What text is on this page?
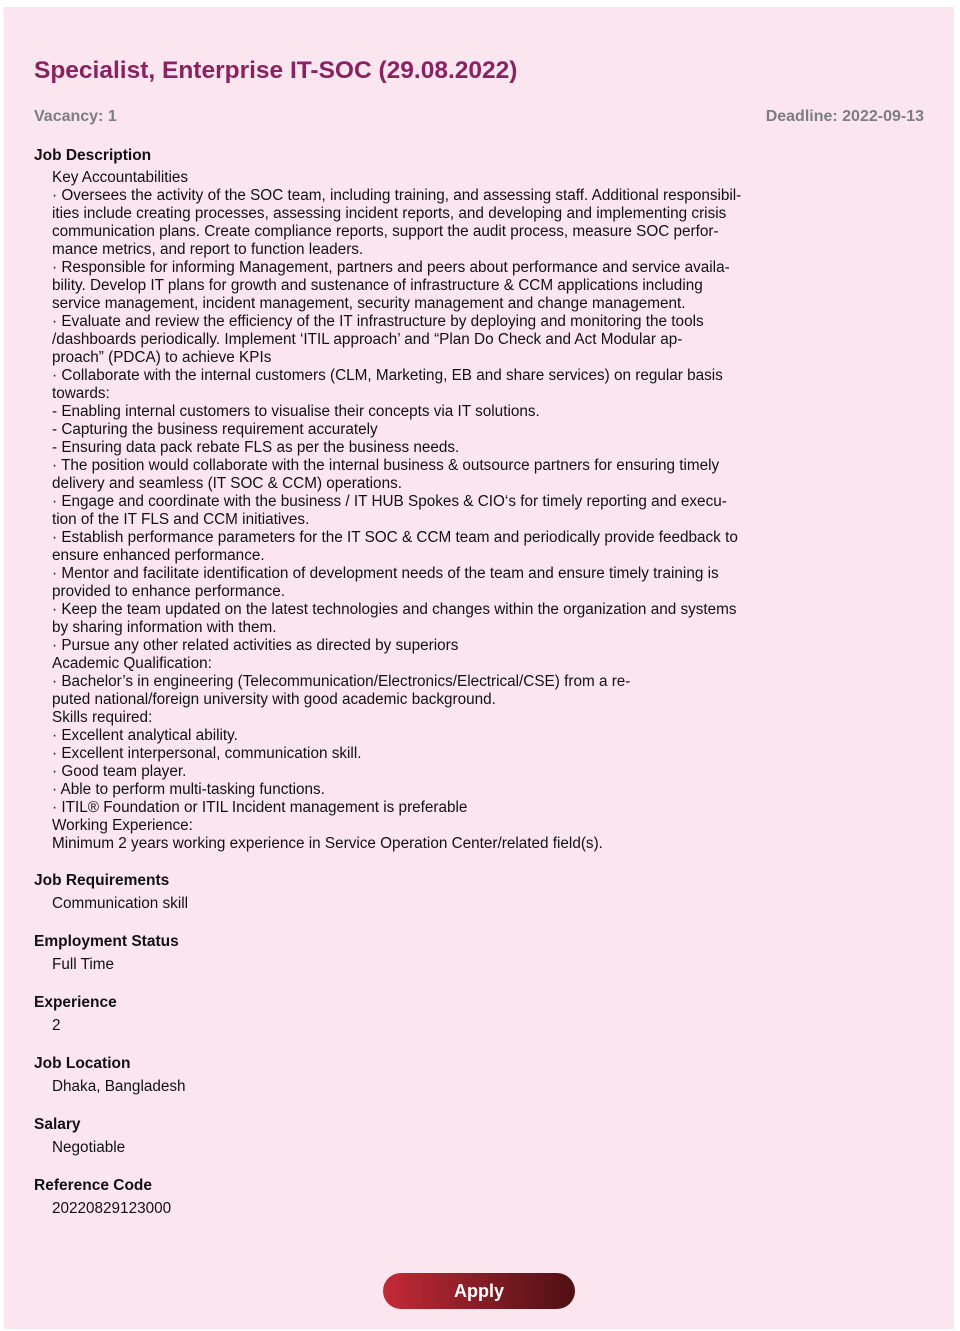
Specialist, Enterprise IT-SOC (29.08.2022)
Vacancy: 1	Deadline: 2022-09-13
Job Description
Key Accountabilities
· Oversees the activity of the SOC team, including training, and assessing staff. Additional responsibil-
ities include creating processes, assessing incident reports, and developing and implementing crisis
communication plans. Create compliance reports, support the audit process, measure SOC perfor-
mance metrics, and report to function leaders.
· Responsible for informing Management, partners and peers about performance and service availa-
bility. Develop IT plans for growth and sustenance of infrastructure & CCM applications including
service management, incident management, security management and change management.
· Evaluate and review the efficiency of the IT infrastructure by deploying and monitoring the tools
/dashboards periodically. Implement ‘ITIL approach’ and “Plan Do Check and Act Modular ap-
proach” (PDCA) to achieve KPIs
· Collaborate with the internal customers (CLM, Marketing, EB and share services) on regular basis
towards:
- Enabling internal customers to visualise their concepts via IT solutions.
- Capturing the business requirement accurately
- Ensuring data pack rebate FLS as per the business needs.
· The position would collaborate with the internal business & outsource partners for ensuring timely
delivery and seamless (IT SOC & CCM) operations.
· Engage and coordinate with the business / IT HUB Spokes & CIO‘s for timely reporting and execu-
tion of the IT FLS and CCM initiatives.
· Establish performance parameters for the IT SOC & CCM team and periodically provide feedback to
ensure enhanced performance.
· Mentor and facilitate identification of development needs of the team and ensure timely training is
provided to enhance performance.
· Keep the team updated on the latest technologies and changes within the organization and systems
by sharing information with them.
· Pursue any other related activities as directed by superiors
Academic Qualification:
· Bachelor’s in engineering (Telecommunication/Electronics/Electrical/CSE) from a re-
puted national/foreign university with good academic background.
Skills required:
· Excellent analytical ability.
· Excellent interpersonal, communication skill.
· Good team player.
· Able to perform multi-tasking functions.
· ITIL® Foundation or ITIL Incident management is preferable
Working Experience:
Minimum 2 years working experience in Service Operation Center/related field(s).
Job Requirements
Communication skill
Employment Status
Full Time
Experience
2
Job Location
Dhaka, Bangladesh
Salary
Negotiable
Reference Code
20220829123000
Apply
